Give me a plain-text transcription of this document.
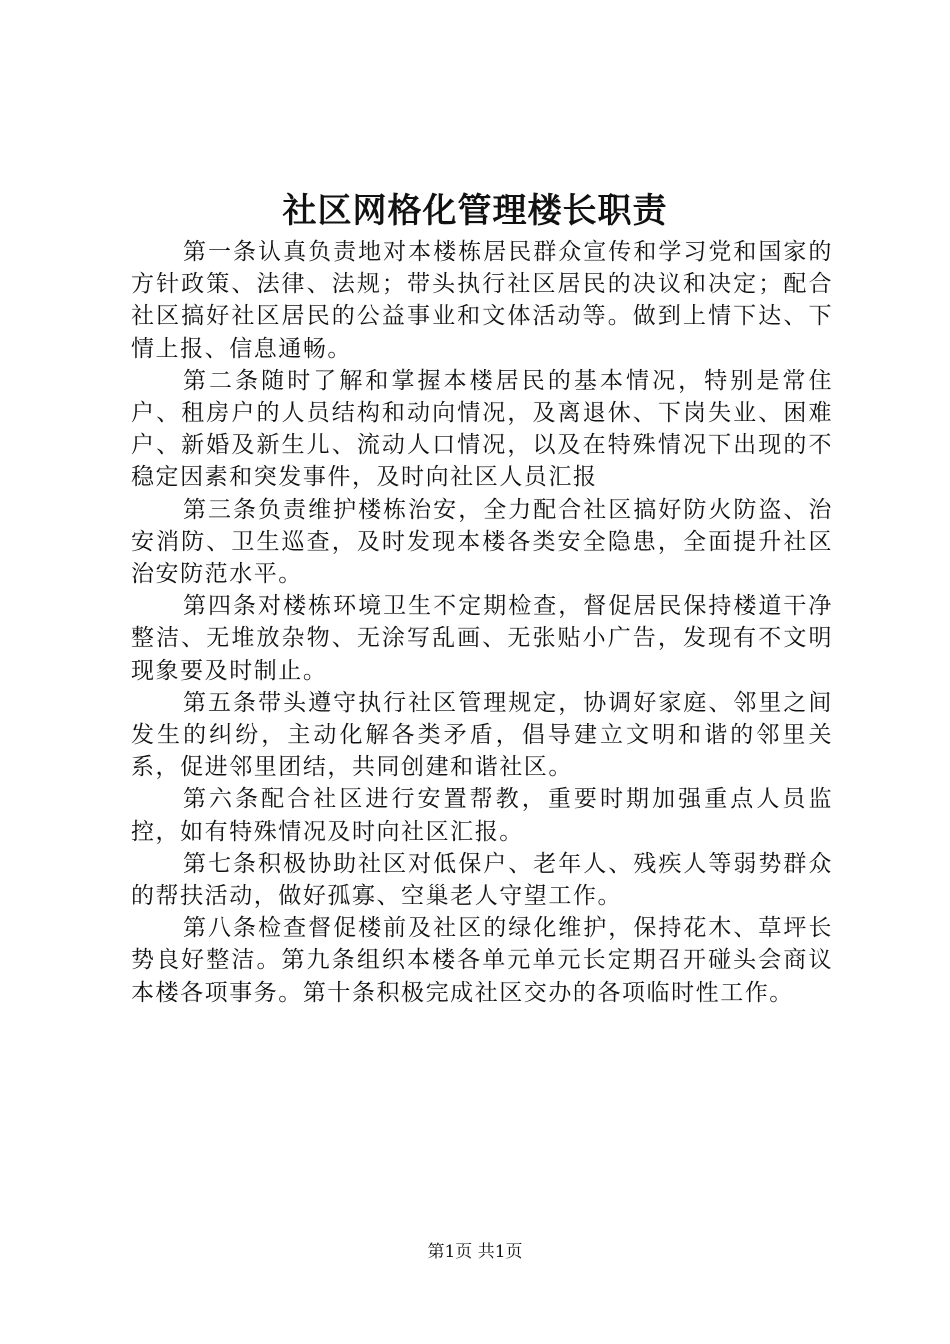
社区网格化管理楼长职责

第一条认真负责地对本楼栋居民群众宣传和学习党和国家的方针政策、法律、法规；带头执行社区居民的决议和决定；配合社区搞好社区居民的公益事业和文体活动等。做到上情下达、下情上报、信息通畅。

第二条随时了解和掌握本楼居民的基本情况，特别是常住户、租房户的人员结构和动向情况，及离退休、下岗失业、困难户、新婚及新生儿、流动人口情况，以及在特殊情况下出现的不稳定因素和突发事件，及时向社区人员汇报

第三条负责维护楼栋治安，全力配合社区搞好防火防盗、治安消防、卫生巡查，及时发现本楼各类安全隐患，全面提升社区治安防范水平。

第四条对楼栋环境卫生不定期检查，督促居民保持楼道干净整洁、无堆放杂物、无涂写乱画、无张贴小广告，发现有不文明现象要及时制止。

第五条带头遵守执行社区管理规定，协调好家庭、邻里之间发生的纠纷，主动化解各类矛盾，倡导建立文明和谐的邻里关系，促进邻里团结，共同创建和谐社区。

第六条配合社区进行安置帮教，重要时期加强重点人员监控，如有特殊情况及时向社区汇报。

第七条积极协助社区对低保户、老年人、残疾人等弱势群众的帮扶活动，做好孤寡、空巢老人守望工作。

第八条检查督促楼前及社区的绿化维护，保持花木、草坪长势良好整洁。第九条组织本楼各单元单元长定期召开碰头会商议本楼各项事务。第十条积极完成社区交办的各项临时性工作。

第1页 共1页
